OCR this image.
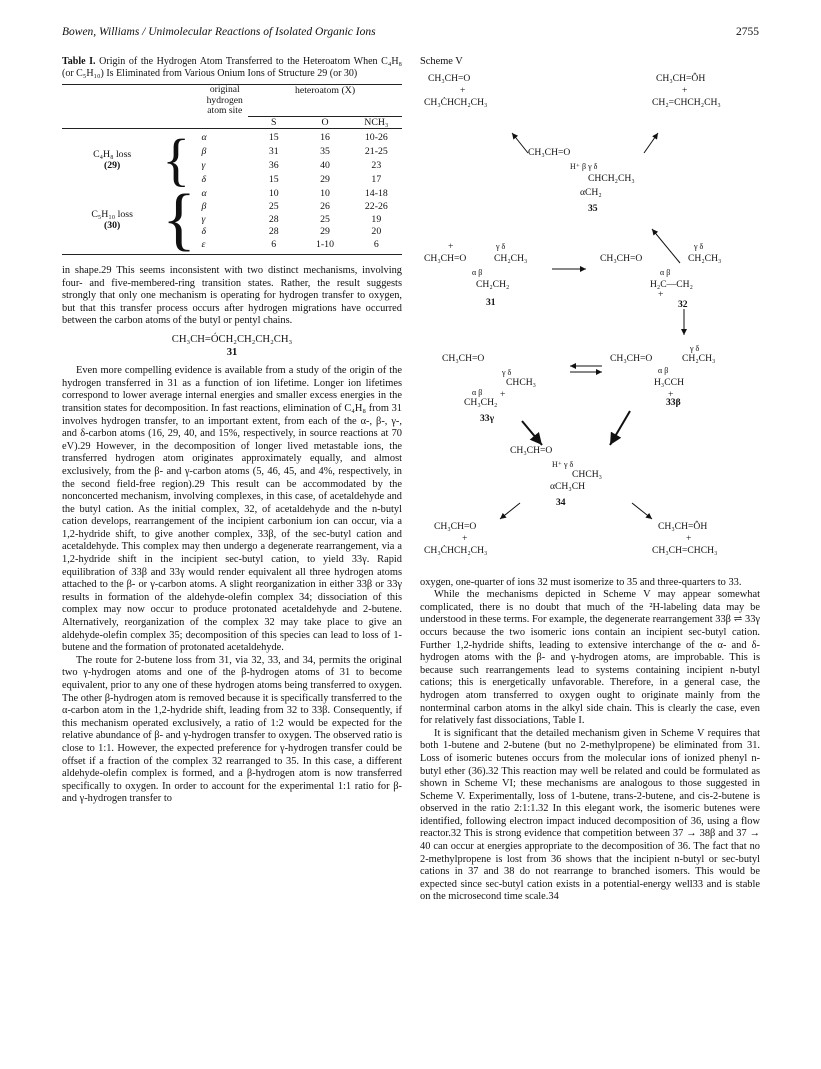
Bowen, Williams / Unimolecular Reactions of Isolated Organic Ions	2755
Table I. Origin of the Hydrogen Atom Transferred to the Heteroatom When C₄H₈ (or C₅H₁₀) Is Eliminated from Various Onium Ions of Structure 29 (or 30)

		original hydrogen atom site	heteroatom (X)		
			S	O	NCH₃

C₄H₈ loss
(29)	{	α	15	16	10-26
		β	31	35	21-25
		γ	36	40	23
		δ	15	29	17

C₅H₁₀ loss
(30)	{	α	10	10	14-18
		β	25	26	22-26
		γ	28	25	19
		δ	28	29	20
		ε	6	1-10	6

in shape.29 This seems inconsistent with two distinct mechanisms, involving four- and five-membered-ring transition states. Rather, the result suggests strongly that only one mechanism is operating for hydrogen transfer to oxygen, but that this transfer process occurs after hydrogen migrations have occurred between the carbon atoms of the butyl or pentyl chains.

CH₃CH=ÓCH₂CH₂CH₂CH₃
31

Even more compelling evidence is available from a study of the origin of the hydrogen transferred in 31 as a function of ion lifetime. Longer ion lifetimes correspond to lower average internal energies and smaller excess energies in the transition states for decomposition. In fast reactions, elimination of C₄H₈ from 31 involves hydrogen transfer, to an important extent, from each of the α-, β-, γ-, and δ-carbon atoms (16, 29, 40, and 15%, respectively, in source reactions at 70 eV).29 However, in the decomposition of longer lived metastable ions, the transferred hydrogen atom originates approximately equally, and almost exclusively, from the β- and γ-carbon atoms (5, 46, 45, and 4%, respectively, in the second field-free region).29 This result can be accommodated by the nonconcerted mechanism, involving complexes, in this case, of acetaldehyde and the butyl cation. As the initial complex, 32, of acetaldehyde and the n-butyl cation develops, rearrangement of the incipient carbonium ion can occur, via a 1,2-hydride shift, to give another complex, 33β, of the sec-butyl cation and acetaldehyde. This complex may then undergo a degenerate rearrangement, via a 1,2-hydride shift in the incipient sec-butyl cation, to yield 33γ. Rapid equilibration of 33β and 33γ would render equivalent all three hydrogen atoms attached to the β- or γ-carbon atoms. A slight reorganization in either 33β or 33γ results in formation of the aldehyde-olefin complex 34; dissociation of this complex may now occur to produce protonated acetaldehyde and 2-butene. Alternatively, reorganization of the complex 32 may take place to give an aldehyde-olefin complex 35; decomposition of this species can lead to loss of 1-butene and the formation of protonated acetaldehyde.

The route for 2-butene loss from 31, via 32, 33, and 34, permits the original two γ-hydrogen atoms and one of the β-hydrogen atoms of 31 to become equivalent, prior to any one of these hydrogen atoms being transferred to oxygen. The other β-hydrogen atom is removed because it is specifically transferred to the α-carbon atom in the 1,2-hydride shift, leading from 32 to 33β. Consequently, if this mechanism operated exclusively, a ratio of 1:2 would be expected for the relative abundance of β- and γ-hydrogen transfer to oxygen. The observed ratio is close to 1:1. However, the expected preference for γ-hydrogen transfer could be offset if a fraction of the complex 32 rearranged to 35. In this case, a different aldehyde-olefin complex is formed, and a β-hydrogen atom is now transferred specifically to oxygen. In order to account for the experimental 1:1 ratio for β- and γ-hydrogen transfer to

Scheme V
CH₃CH=O
+
CH₃ĊHCH₂CH₃
CH₃CH=ÔH
+
CH₂=CHCH₂CH₃
CH₃CH=O
H⁺ β γ δ
CHCH₂CH₃
αCH₂
35
CH₃CH=O
+	γ δ
CH₂CH₃
α β
CH₂CH₂
31
CH₃CH=O
γ δ
CH₂CH₃
α β
H₂C—CH₂
+
32
CH₃CH=O
γ δ
CHCH₃
α β
CH₃CH₂
+
33γ
CH₃CH=O
γ δ
CH₂CH₃
α β
H₃CCH
+
33β
CH₃CH=O
H⁺ γ δ
CHCH₃
αCH₃CH
34
CH₃CH=O
+
CH₃ĊHCH₂CH₃
CH₃CH=ÔH
+
CH₃CH=CHCH₃

oxygen, one-quarter of ions 32 must isomerize to 35 and three-quarters to 33.

While the mechanisms depicted in Scheme V may appear somewhat complicated, there is no doubt that much of the ²H-labeling data may be understood in these terms. For example, the degenerate rearrangement 33β ⇌ 33γ occurs because the two isomeric ions contain an incipient sec-butyl cation. Further 1,2-hydride shifts, leading to extensive interchange of the α- and δ-hydrogen atoms with the β- and γ-hydrogen atoms, are improbable. This is because such rearrangements lead to systems containing incipient n-butyl cations; this is energetically unfavorable. Therefore, in a general case, the hydrogen atom transferred to oxygen ought to originate mainly from the nonterminal carbon atoms in the alkyl side chain. This is clearly the case, even for relatively fast dissociations, Table I.

It is significant that the detailed mechanism given in Scheme V requires that both 1-butene and 2-butene (but no 2-methylpropene) be eliminated from 31. Loss of isomeric butenes occurs from the molecular ions of ionized phenyl n-butyl ether (36).32 This reaction may well be related and could be formulated as shown in Scheme VI; these mechanisms are analogous to those suggested in Scheme V. Experimentally, loss of 1-butene, trans-2-butene, and cis-2-butene is observed in the ratio 2:1:1.32 In this elegant work, the isomeric butenes were identified, following electron impact induced decomposition of 36, using a flow reactor.32 This is strong evidence that competition between 37 → 38β and 37 → 40 can occur at energies appropriate to the decomposition of 36. The fact that no 2-methylpropene is lost from 36 shows that the incipient n-butyl or sec-butyl cations in 37 and 38 do not rearrange to branched isomers. This would be expected since sec-butyl cation exists in a potential-energy well33 and is stable on the microsecond time scale.34
